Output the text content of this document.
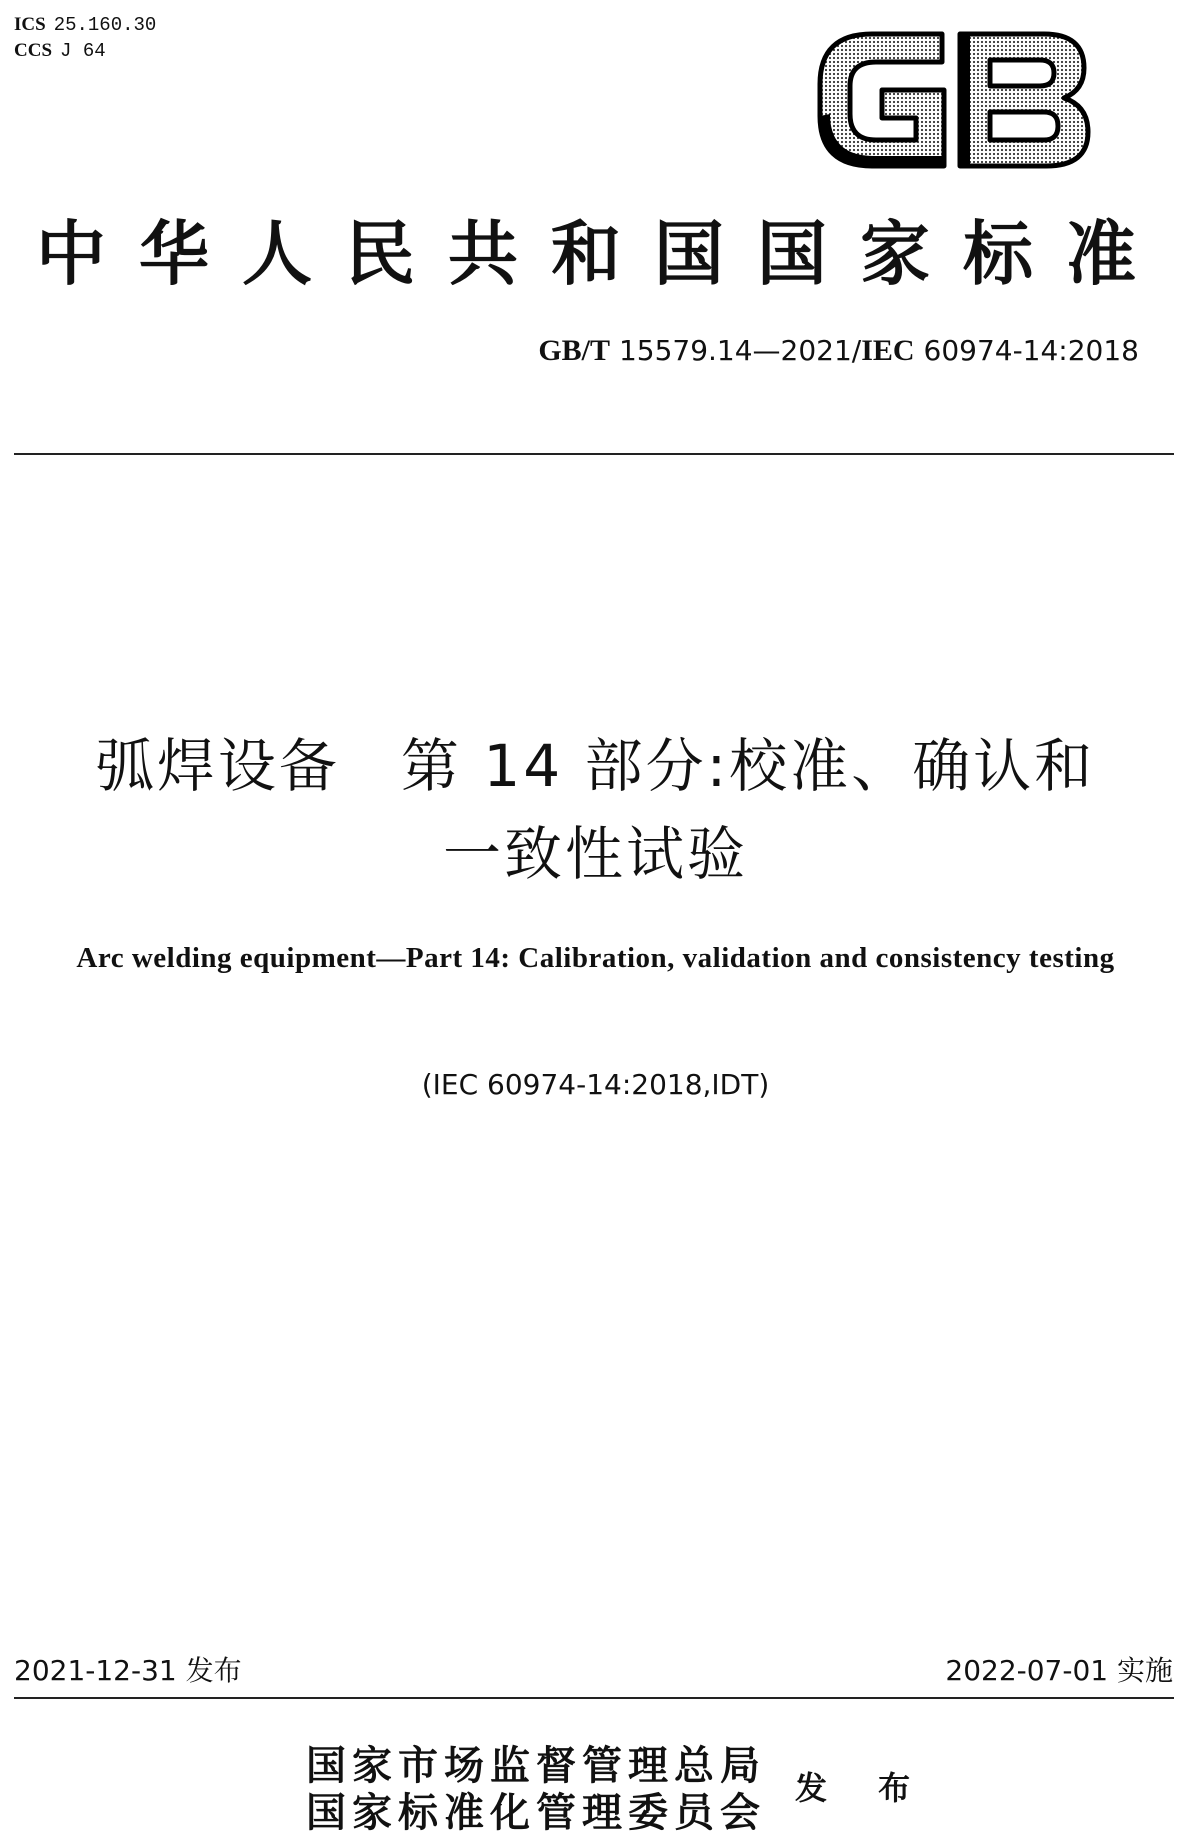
ICS 25.160.30
CCS J 64
中华人民共和国国家标准
GB/T 15579.14—2021/IEC 60974-14:2018
弧焊设备　第 14 部分:校准、确认和
一致性试验
Arc welding equipment—Part 14: Calibration, validation and consistency testing
(IEC 60974-14:2018,IDT)
2021-12-31 发布	2022-07-01 实施
国家市场监督管理总局
国家标准化管理委员会
发 布
